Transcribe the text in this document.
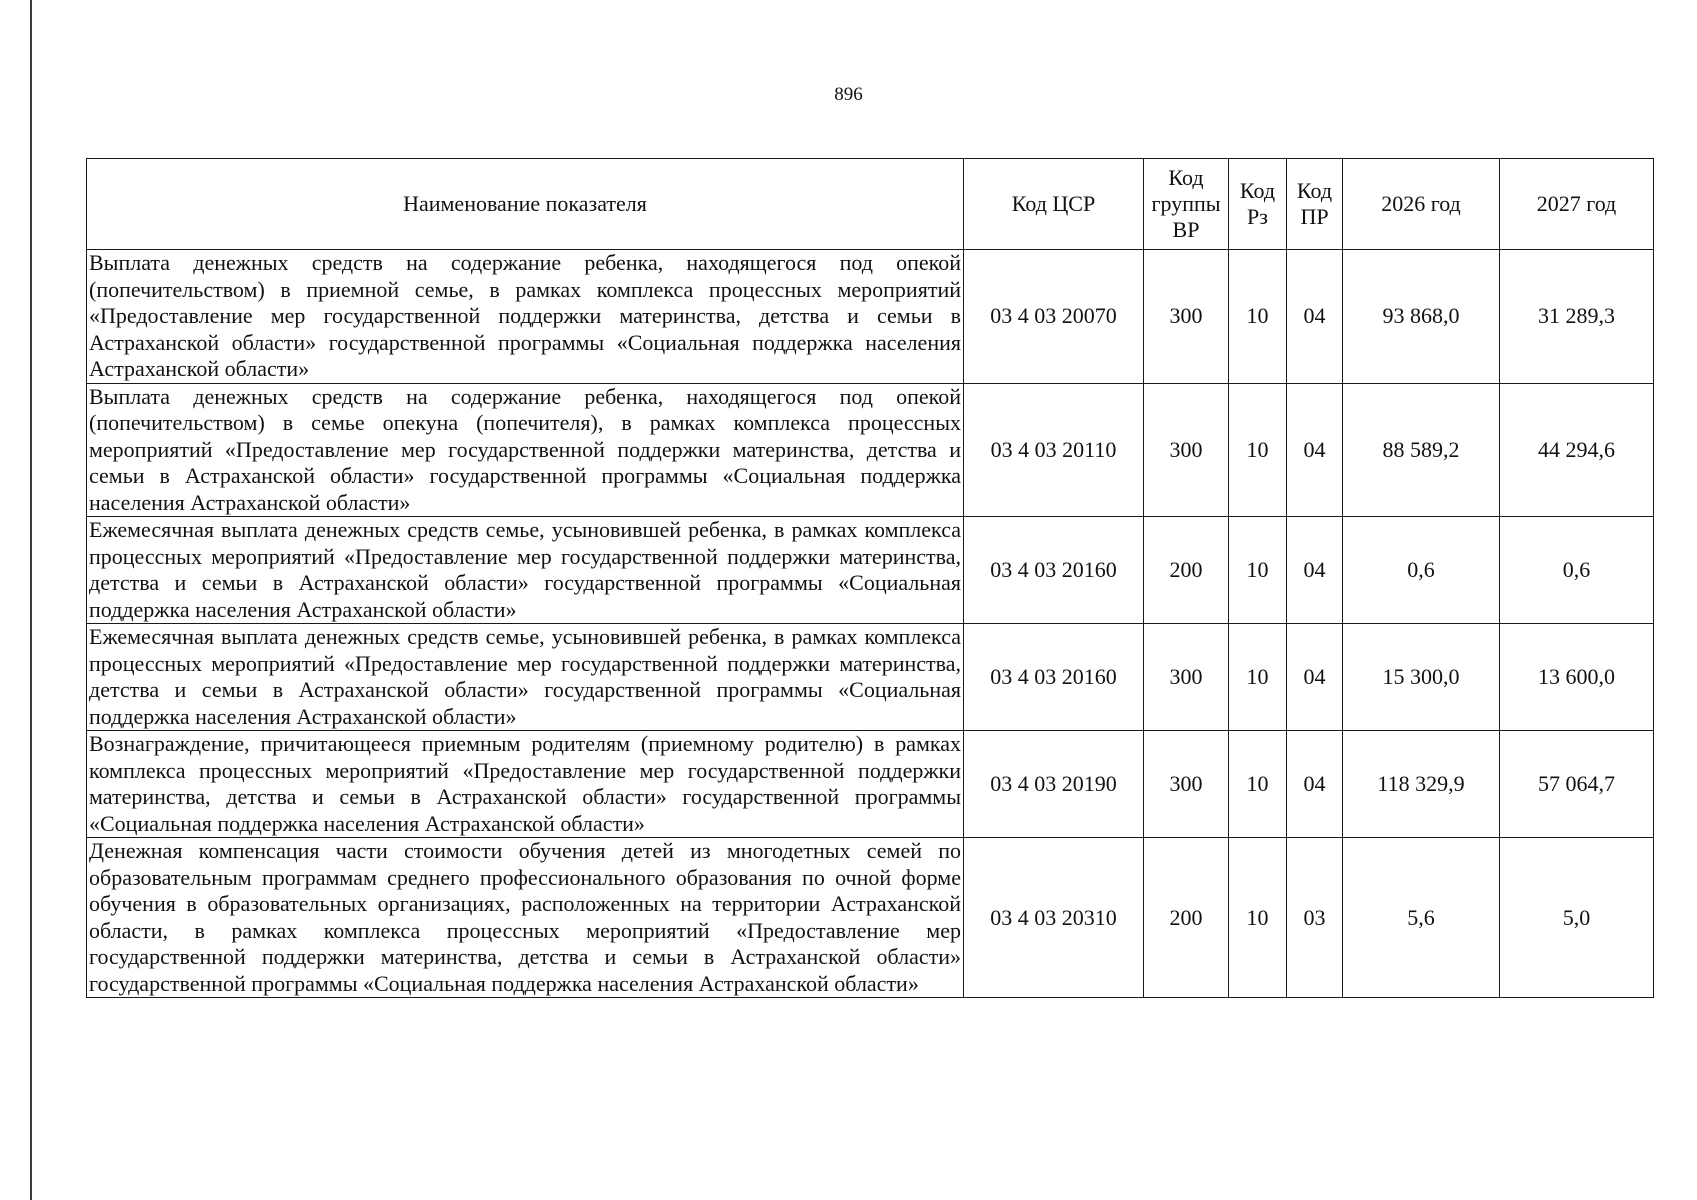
896
Наименование показателя	Код ЦСР	Код группы ВР	Код Рз	Код ПР	2026 год	2027 год
Выплата денежных средств на содержание ребенка, находящегося под опекой (попечительством) в приемной семье, в рамках комплекса процессных мероприятий «Предоставление мер государственной поддержки материнства, детства и семьи в Астраханской области» государственной программы «Социальная поддержка населения Астраханской области»	03 4 03 20070	300	10	04	93 868,0	31 289,3
Выплата денежных средств на содержание ребенка, находящегося под опекой (попечительством) в семье опекуна (попечителя), в рамках комплекса процессных мероприятий «Предоставление мер государственной поддержки материнства, детства и семьи в Астраханской области» государственной программы «Социальная поддержка населения Астраханской области»	03 4 03 20110	300	10	04	88 589,2	44 294,6
Ежемесячная выплата денежных средств семье, усыновившей ребенка, в рамках комплекса процессных мероприятий «Предоставление мер государственной поддержки материнства, детства и семьи в Астраханской области» государственной программы «Социальная поддержка населения Астраханской области»	03 4 03 20160	200	10	04	0,6	0,6
Ежемесячная выплата денежных средств семье, усыновившей ребенка, в рамках комплекса процессных мероприятий «Предоставление мер государственной поддержки материнства, детства и семьи в Астраханской области» государственной программы «Социальная поддержка населения Астраханской области»	03 4 03 20160	300	10	04	15 300,0	13 600,0
Вознаграждение, причитающееся приемным родителям (приемному родителю) в рамках комплекса процессных мероприятий «Предоставление мер государственной поддержки материнства, детства и семьи в Астраханской области» государственной программы «Социальная поддержка населения Астраханской области»	03 4 03 20190	300	10	04	118 329,9	57 064,7
Денежная компенсация части стоимости обучения детей из многодетных семей по образовательным программам среднего профессионального образования по очной форме обучения в образовательных организациях, расположенных на территории Астраханской области, в рамках комплекса процессных мероприятий «Предоставление мер государственной поддержки материнства, детства и семьи в Астраханской области» государственной программы «Социальная поддержка населения Астраханской области»	03 4 03 20310	200	10	03	5,6	5,0
